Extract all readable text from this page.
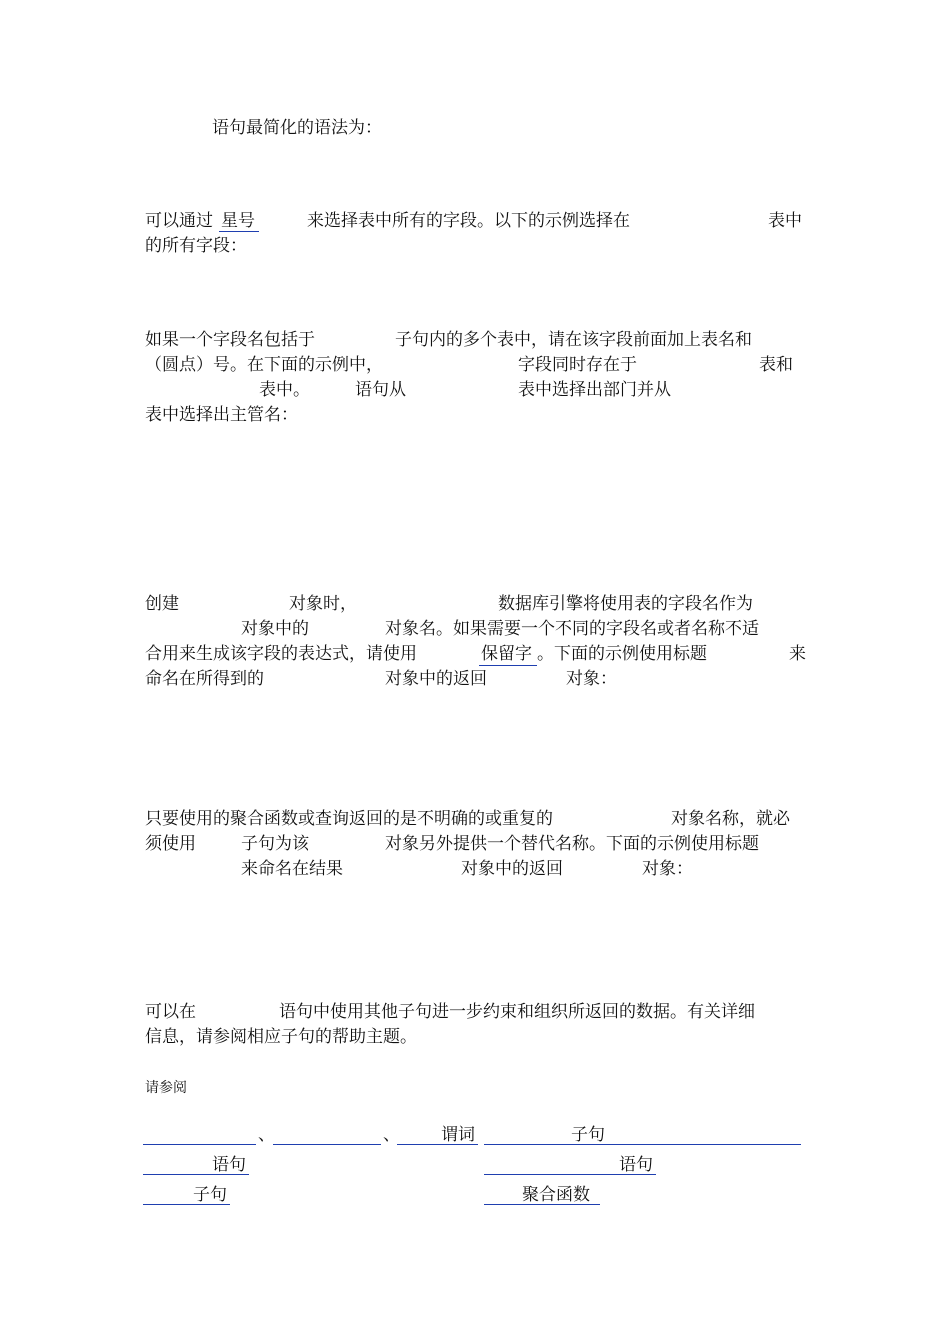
语句最简化的语法为：
可以通过 星号	来选择表中所有的字段。以下的示例选择在	表中
的所有字段：
如果一个字段名包括于	子句内的多个表中，请在该字段前面加上表名和
（圆点）号。在下面的示例中，	字段同时存在于	表和
表中。	语句从	表中选择出部门并从
表中选择出主管名：
创建	对象时，	数据库引擎将使用表的字段名作为
对象中的	对象名。如果需要一个不同的字段名或者名称不适
合用来生成该字段的表达式，请使用	保留字 。下面的示例使用标题	来
命名在所得到的	对象中的返回	对象：
只要使用的聚合函数或查询返回的是不明确的或重复的	对象名称，就必
须使用	子句为该	对象另外提供一个替代名称。下面的示例使用标题
来命名在结果	对象中的返回	对象：
可以在	语句中使用其他子句进一步约束和组织所返回的数据。有关详细
信息，请参阅相应子句的帮助主题。
请参阅
、	、 谓词	子句
语句	语句
子句	聚合函数
